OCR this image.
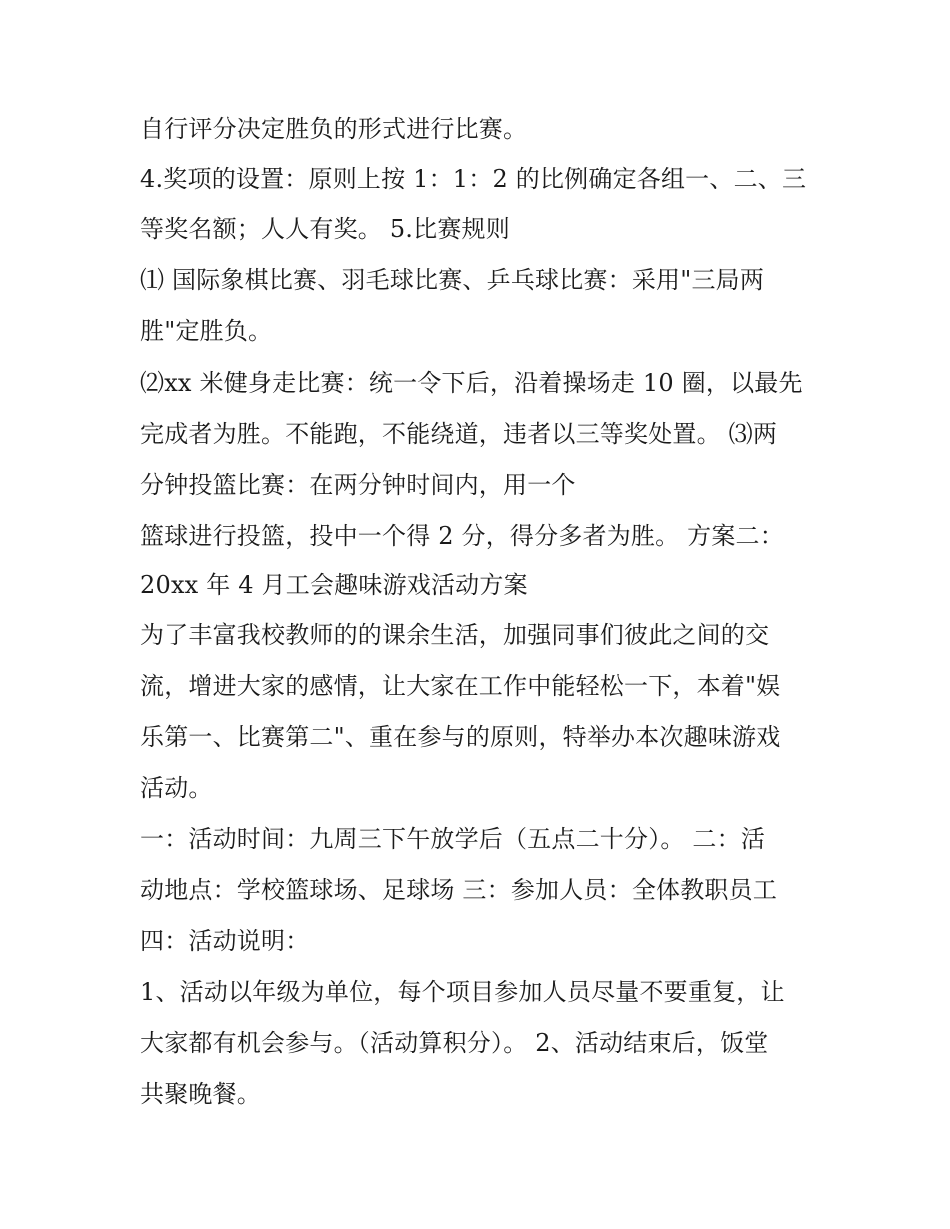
自行评分决定胜负的形式进行比赛。
4.奖项的设置：原则上按 1：1：2 的比例确定各组一、二、三
等奖名额；人人有奖。 5.比赛规则
⑴ 国际象棋比赛、羽毛球比赛、乒乓球比赛：采用"三局两
胜"定胜负。
⑵xx 米健身走比赛：统一令下后，沿着操场走 10 圈，以最先
完成者为胜。不能跑，不能绕道，违者以三等奖处置。 ⑶两
分钟投篮比赛：在两分钟时间内，用一个
篮球进行投篮，投中一个得 2 分，得分多者为胜。 方案二：
20xx 年 4 月工会趣味游戏活动方案
为了丰富我校教师的的课余生活，加强同事们彼此之间的交
流，增进大家的感情，让大家在工作中能轻松一下，本着"娱
乐第一、比赛第二"、重在参与的原则，特举办本次趣味游戏
活动。
一：活动时间：九周三下午放学后（五点二十分）。 二：活
动地点：学校篮球场、足球场 三：参加人员：全体教职员工
四：活动说明：
1、活动以年级为单位，每个项目参加人员尽量不要重复，让
大家都有机会参与。（活动算积分）。 2、活动结束后，饭堂
共聚晚餐。
